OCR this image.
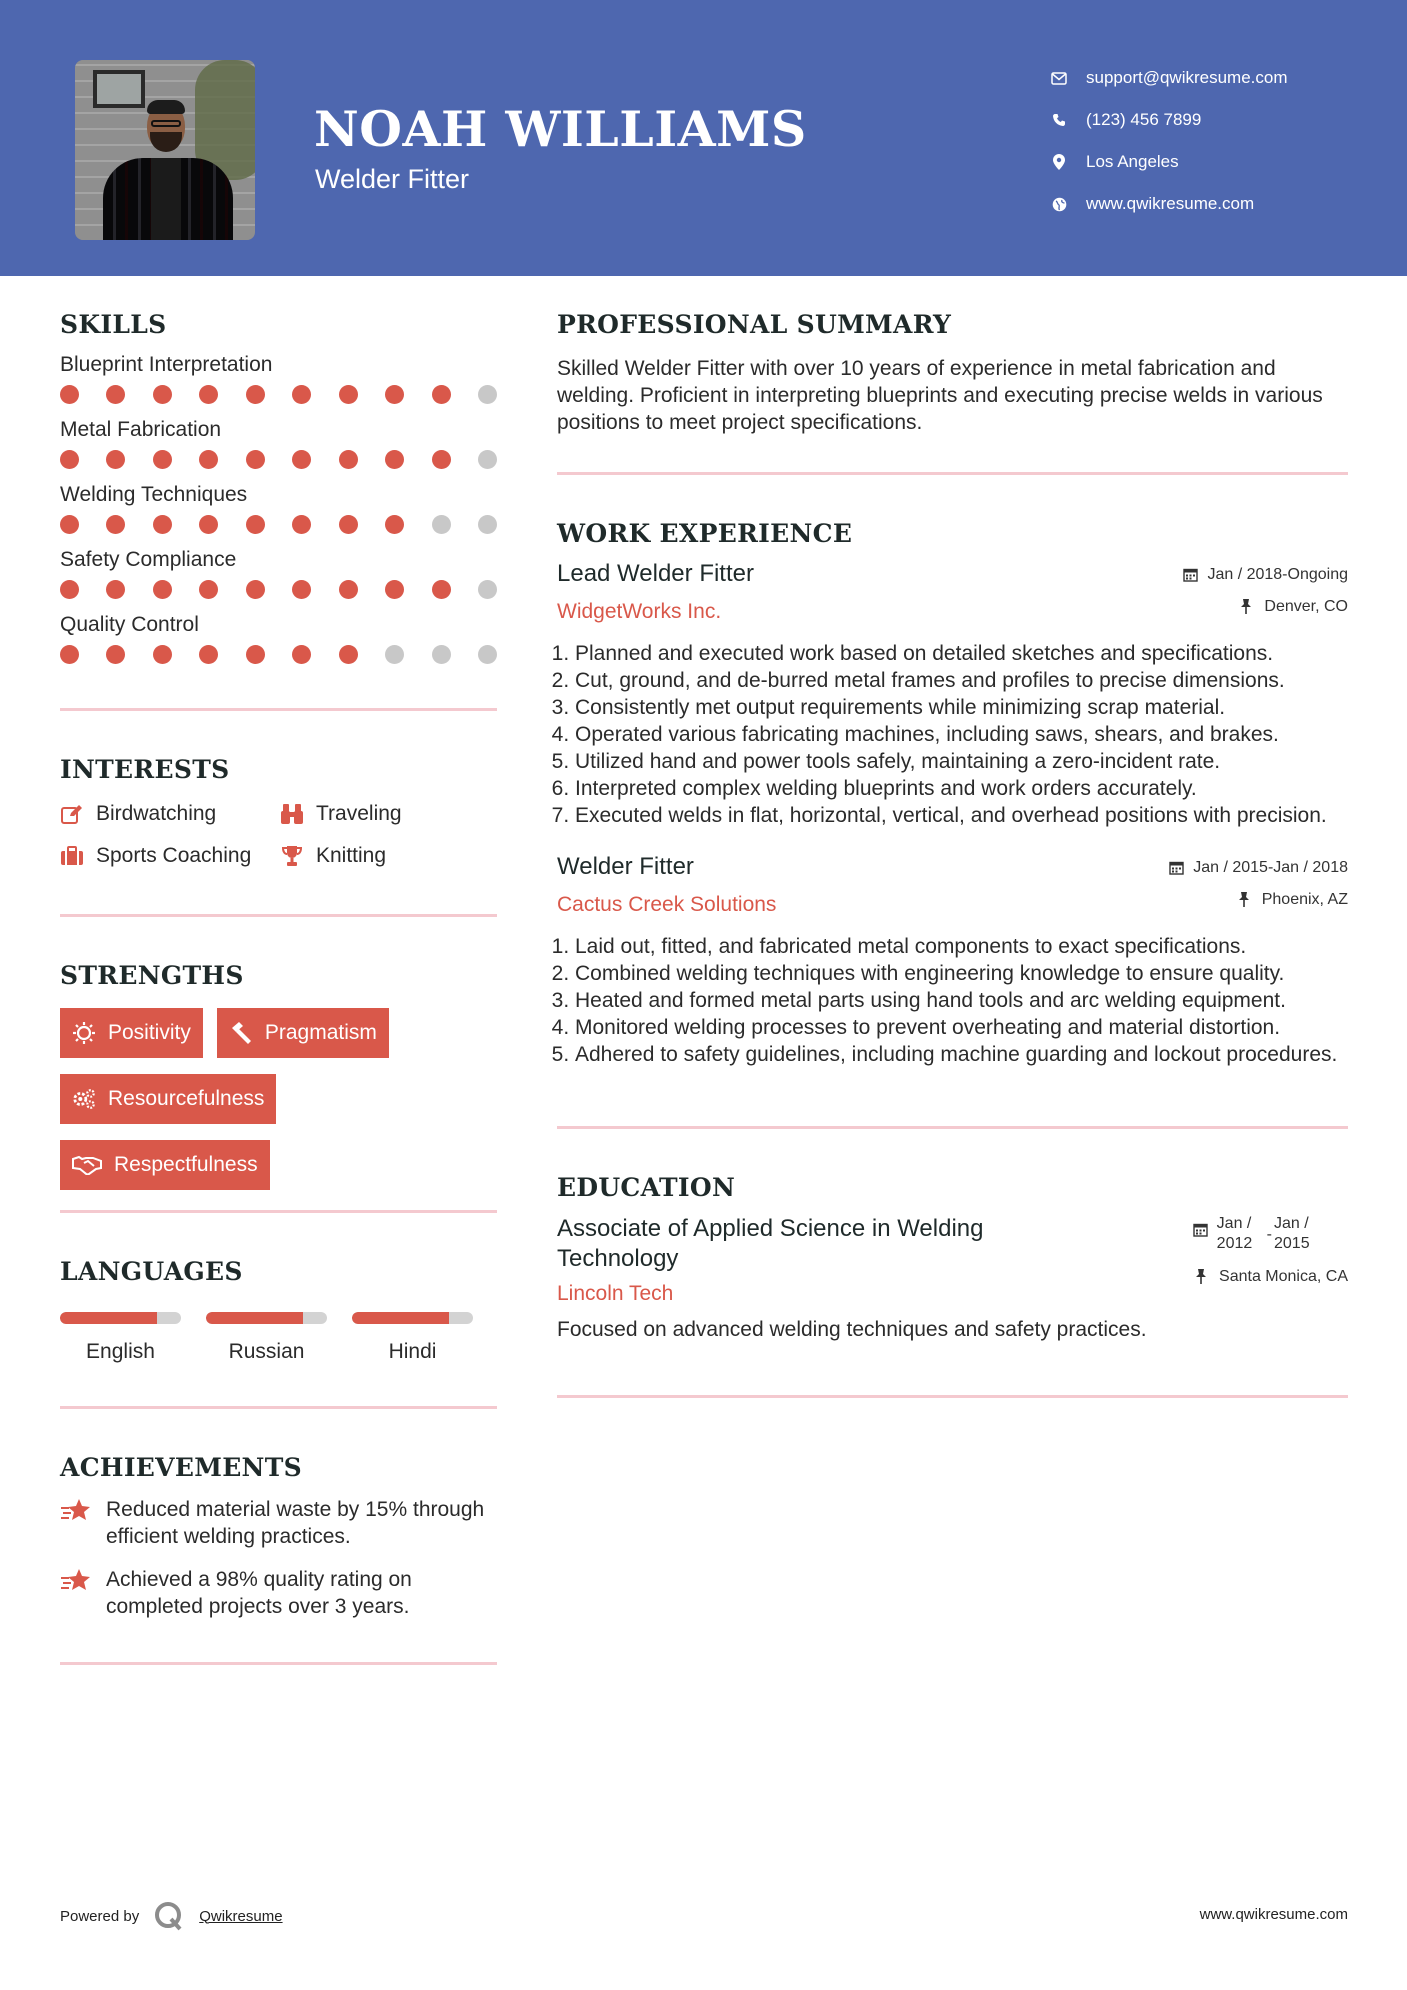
NOAH WILLIAMS
Welder Fitter
support@qwikresume.com
(123) 456 7899
Los Angeles
www.qwikresume.com
SKILLS
Blueprint Interpretation
Metal Fabrication
Welding Techniques
Safety Compliance
Quality Control
INTERESTS
Birdwatching	Traveling
Sports Coaching	Knitting
STRENGTHS
Positivity	Pragmatism
Resourcefulness
Respectfulness
LANGUAGES
English	Russian	Hindi
ACHIEVEMENTS
Reduced material waste by 15% through efficient welding practices.
Achieved a 98% quality rating on completed projects over 3 years.
PROFESSIONAL SUMMARY
Skilled Welder Fitter with over 10 years of experience in metal fabrication and welding. Proficient in interpreting blueprints and executing precise welds in various positions to meet project specifications.
WORK EXPERIENCE
Lead Welder Fitter
WidgetWorks Inc.
Jan / 2018-Ongoing
Denver, CO
1. Planned and executed work based on detailed sketches and specifications.
2. Cut, ground, and de-burred metal frames and profiles to precise dimensions.
3. Consistently met output requirements while minimizing scrap material.
4. Operated various fabricating machines, including saws, shears, and brakes.
5. Utilized hand and power tools safely, maintaining a zero-incident rate.
6. Interpreted complex welding blueprints and work orders accurately.
7. Executed welds in flat, horizontal, vertical, and overhead positions with precision.
Welder Fitter
Cactus Creek Solutions
Jan / 2015-Jan / 2018
Phoenix, AZ
1. Laid out, fitted, and fabricated metal components to exact specifications.
2. Combined welding techniques with engineering knowledge to ensure quality.
3. Heated and formed metal parts using hand tools and arc welding equipment.
4. Monitored welding processes to prevent overheating and material distortion.
5. Adhered to safety guidelines, including machine guarding and lockout procedures.
EDUCATION
Associate of Applied Science in Welding
Technology
Lincoln Tech
Jan /
2012
-
Jan /
2015
Santa Monica, CA
Focused on advanced welding techniques and safety practices.
Powered by	Qwikresume	www.qwikresume.com
